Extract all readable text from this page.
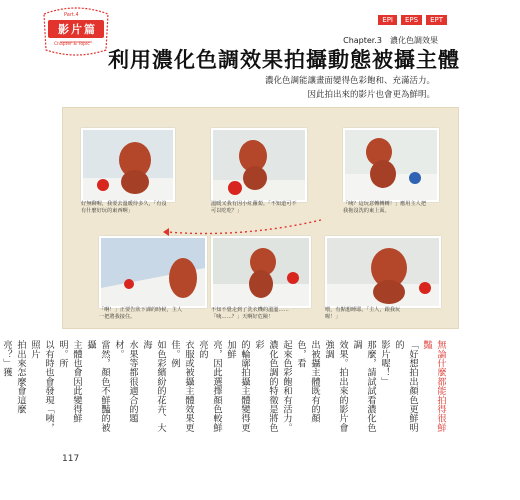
Part.4
影片篇
Chapter & Topic
EPI	EPS	EPT
Chapter.3　濃化色調效果
利用濃化色調效果拍攝動態被攝主體
濃化色調能讓畫面變得色彩飽和、充滿活力。
因此拍出來的影片也會更為鮮明。
好無聊喔，我要去溫暖待多久，「有沒有什麼好玩的東西啊」
溫暖又我有因小紅蘿蔔。「不知道可不可以吃吃？」
「咦？這玩意轉轉轉！」應用主人把我拖沒洗的東上面。
「啊！」正要告狀下課的時候，主人一把將我接住。
不知不覺走到了洗衣機的溫溫……「咦……？」天啊好危險！
喂，有點想睡耶。「主人，跟我玩喔！」
無論什麼都能拍得很鮮豔
「好想拍出顏色更鮮明的
影片喔！」
那麼，請試試看濃化色調
效果。拍出來的影片會強調
出被攝主體既有的顏色，看
起來色彩飽和有活力。
濃化色調的特徵是將色彩
的輪廓拍攝主體變得更加鮮
亮，因此選擇顏色較鮮亮的
衣服或被攝主體效果更佳。例
如色彩繽紛的花卉、大海
水果等都很適合的題材。
當然，顏色不鮮豔的被攝
主體也會因此變得鮮明。所
以有時也會發現「咦，照片
拍出來怎麼會這麼亮？」獲
117
